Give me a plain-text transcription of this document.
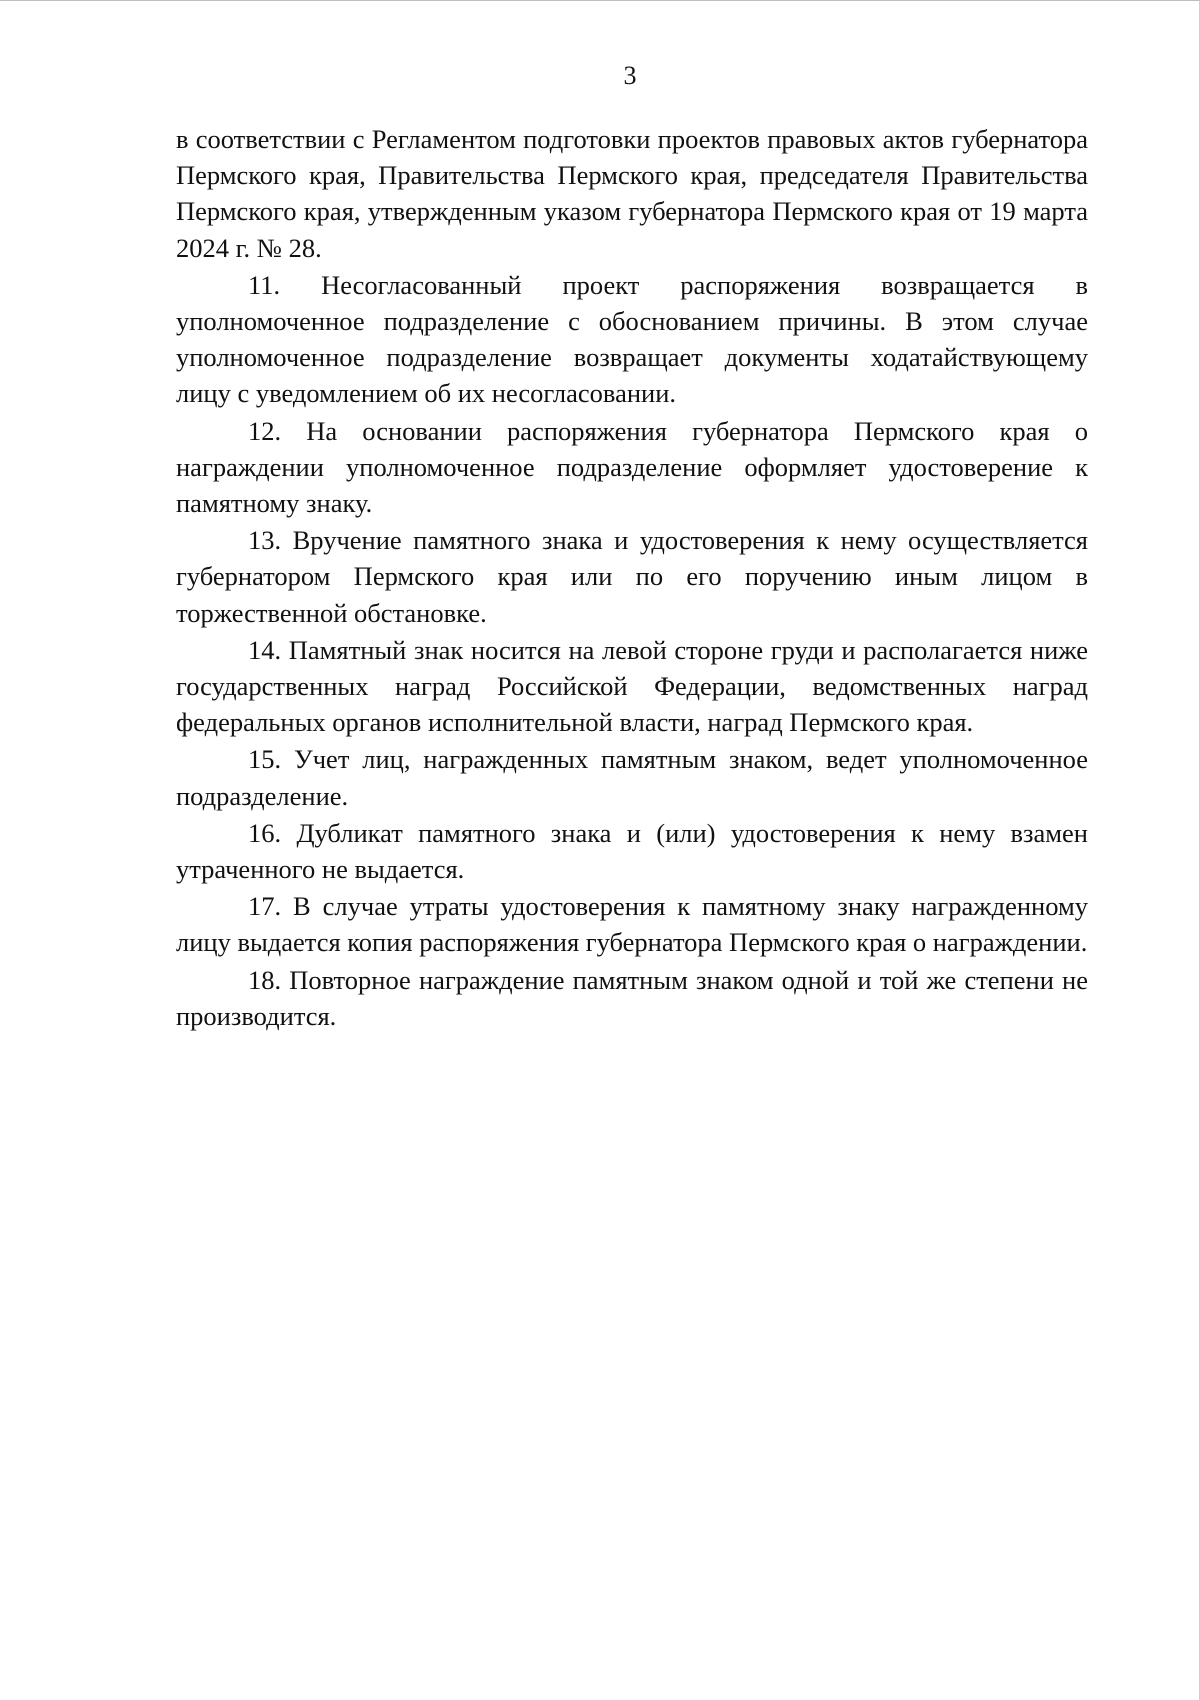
3

в соответствии с Регламентом подготовки проектов правовых актов губернатора Пермского края, Правительства Пермского края, председателя Правительства Пермского края, утвержденным указом губернатора Пермского края от 19 марта 2024 г. № 28.

11. Несогласованный проект распоряжения возвращается в уполномоченное подразделение с обоснованием причины. В этом случае уполномоченное подразделение возвращает документы ходатайствующему лицу с уведомлением об их несогласовании.

12. На основании распоряжения губернатора Пермского края о награждении уполномоченное подразделение оформляет удостоверение к памятному знаку.

13. Вручение памятного знака и удостоверения к нему осуществляется губернатором Пермского края или по его поручению иным лицом в торжественной обстановке.

14. Памятный знак носится на левой стороне груди и располагается ниже государственных наград Российской Федерации, ведомственных наград федеральных органов исполнительной власти, наград Пермского края.

15. Учет лиц, награжденных памятным знаком, ведет уполномоченное подразделение.

16. Дубликат памятного знака и (или) удостоверения к нему взамен утраченного не выдается.

17. В случае утраты удостоверения к памятному знаку награжденному лицу выдается копия распоряжения губернатора Пермского края о награждении.

18. Повторное награждение памятным знаком одной и той же степени не производится.
